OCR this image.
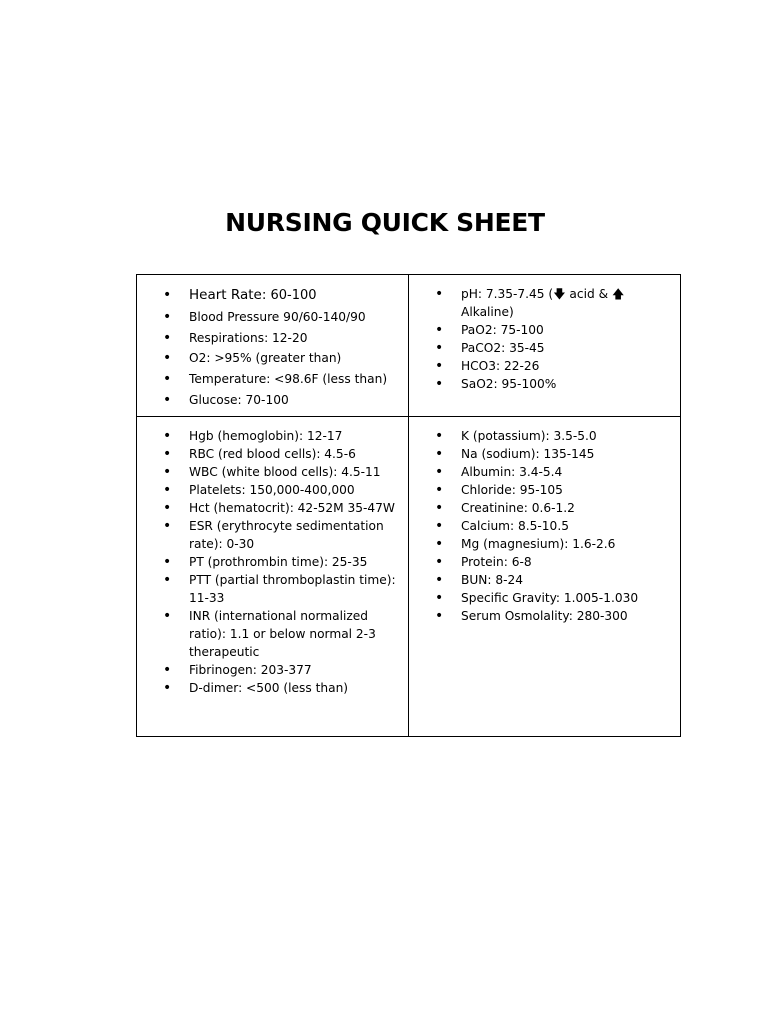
NURSING QUICK SHEET
• Heart Rate: 60-100
• Blood Pressure 90/60-140/90
• Respirations: 12-20
• O2: >95% (greater than)
• Temperature: <98.6F (less than)
• Glucose: 70-100
• pH: 7.35-7.45 (🡇 acid & 🡅 Alkaline)
• PaO2: 75-100
• PaCO2: 35-45
• HCO3: 22-26
• SaO2: 95-100%
• Hgb (hemoglobin): 12-17
• RBC (red blood cells): 4.5-6
• WBC (white blood cells): 4.5-11
• Platelets: 150,000-400,000
• Hct (hematocrit): 42-52M 35-47W
• ESR (erythrocyte sedimentation rate): 0-30
• PT (prothrombin time): 25-35
• PTT (partial thromboplastin time): 11-33
• INR (international normalized ratio): 1.1 or below normal 2-3 therapeutic
• Fibrinogen: 203-377
• D-dimer: <500 (less than)
• K (potassium): 3.5-5.0
• Na (sodium): 135-145
• Albumin: 3.4-5.4
• Chloride: 95-105
• Creatinine: 0.6-1.2
• Calcium: 8.5-10.5
• Mg (magnesium): 1.6-2.6
• Protein: 6-8
• BUN: 8-24
• Specific Gravity: 1.005-1.030
• Serum Osmolality: 280-300
